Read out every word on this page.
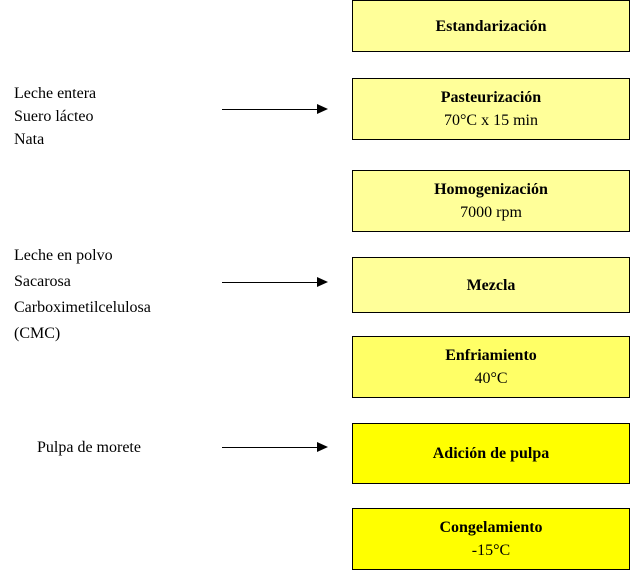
Estandarización
Pasteurización
70°C x 15 min
Homogenización
7000 rpm
Mezcla
Enfriamiento
40°C
Adición de pulpa
Congelamiento
-15°C
Leche entera
Suero lácteo
Nata
Leche en polvo
Sacarosa
Carboximetilcelulosa
(CMC)
Pulpa de morete
